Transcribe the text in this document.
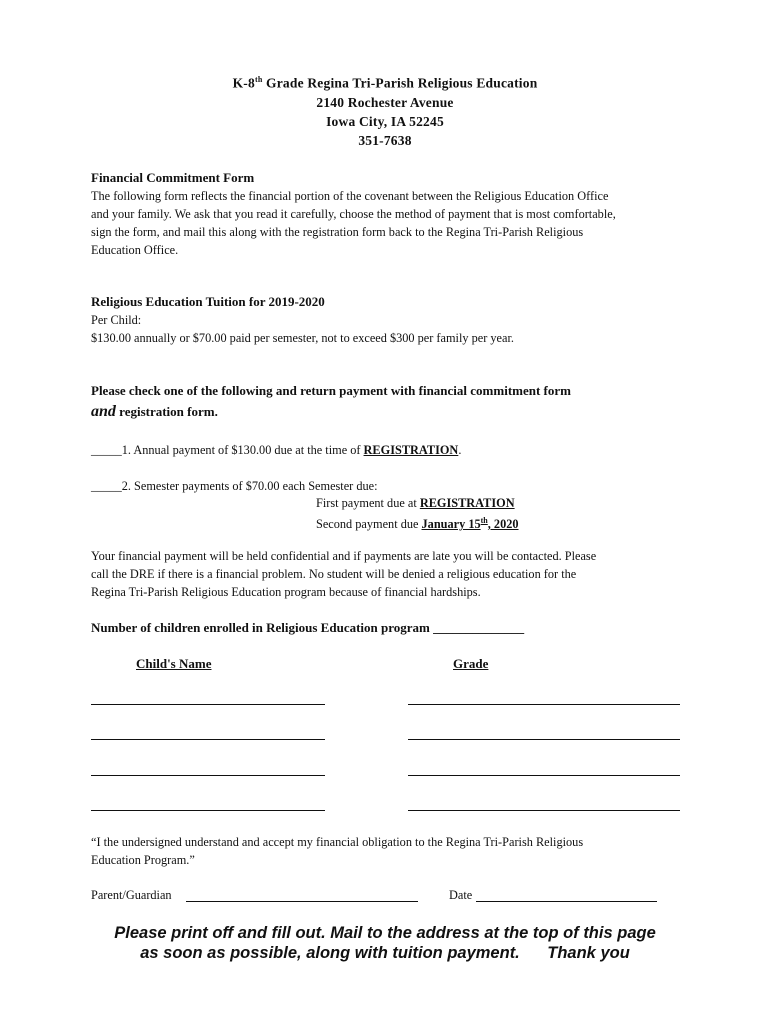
K-8th Grade Regina Tri-Parish Religious Education
2140 Rochester Avenue
Iowa City, IA 52245
351-7638
Financial Commitment Form
The following form reflects the financial portion of the covenant between the Religious Education Office
and your family. We ask that you read it carefully, choose the method of payment that is most comfortable,
sign the form, and mail this along with the registration form back to the Regina Tri-Parish Religious
Education Office.
Religious Education Tuition for 2019-2020
Per Child:
$130.00 annually or $70.00 paid per semester, not to exceed $300 per family per year.
Please check one of the following and return payment with financial commitment form
and registration form.
_____1. Annual payment of $130.00 due at the time of REGISTRATION.
_____2. Semester payments of $70.00 each Semester due:
First payment due at REGISTRATION
Second payment due January 15th, 2020
Your financial payment will be held confidential and if payments are late you will be contacted. Please
call the DRE if there is a financial problem. No student will be denied a religious education for the
Regina Tri-Parish Religious Education program because of financial hardships.
Number of children enrolled in Religious Education program ______________
Child's Name	Grade
“I the undersigned understand and accept my financial obligation to the Regina Tri-Parish Religious
Education Program.”
Parent/Guardian	Date
Please print off and fill out. Mail to the address at the top of this page
as soon as possible, along with tuition payment.      Thank you
